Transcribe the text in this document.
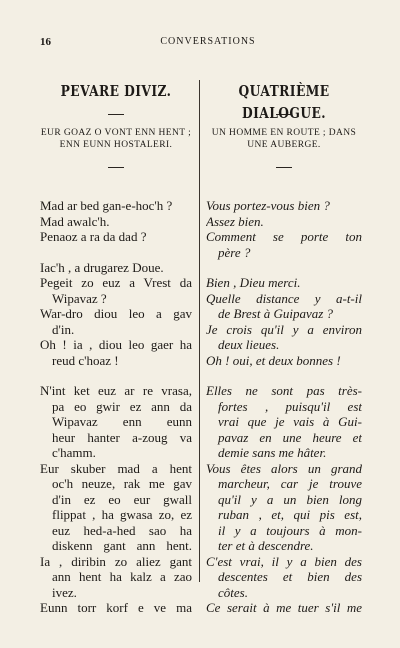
16	CONVERSATIONS
PEVARE DIVIZ.
EUR GOAZ O VONT ENN HENT ;
ENN EUNN HOSTALERI.
Mad ar bed gan-e-hoc'h ?
Mad awalc'h.
Penaoz a ra da dad ?
Iac'h , a drugarez Doue.
Pegeit zo euz a Vrest da
Wipavaz ?
War-dro diou leo a gav
d'in.
Oh ! ia , diou leo gaer ha
reud c'hoaz !
N'int ket euz ar re vrasa,
pa eo gwir ez ann da
Wipavaz enn eunn
heur hanter a-zoug va
c'hamm.
Eur skuber mad a hent
oc'h neuze, rak me gav
d'in ez eo eur gwall
flippat , ha gwasa zo, ez
euz hed-a-hed sao ha
diskenn gant ann hent.
Ia , diribin zo aliez gant
ann hent ha kalz a zao
ivez.
Eunn torr korf e ve ma
QUATRIÈME DIALOGUE.
UN HOMME EN ROUTE ; DANS
UNE AUBERGE.
Vous portez-vous bien ?
Assez bien.
Comment se porte ton
père ?
Bien , Dieu merci.
Quelle distance y a-t-il
de Brest à Guipavaz ?
Je crois qu'il y a environ
deux lieues.
Oh ! oui, et deux bonnes !
Elles ne sont pas très-
fortes , puisqu'il est
vrai que je vais à Gui-
pavaz en une heure et
demie sans me hâter.
Vous êtes alors un grand
marcheur, car je trouve
qu'il y a un bien long
ruban , et, qui pis est,
il y a toujours à mon-
ter et à descendre.
C'est vrai, il y a bien des
descentes et bien des
côtes.
Ce serait à me tuer s'il me
